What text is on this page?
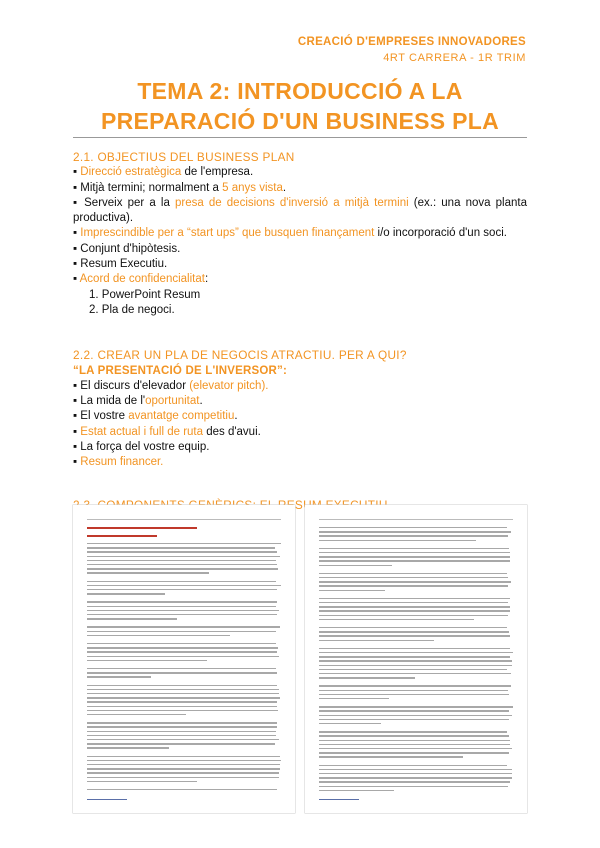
CREACIÓ D'EMPRESES INNOVADORES
4RT CARRERA - 1R TRIM
TEMA 2: INTRODUCCIÓ A LA
PREPARACIÓ D'UN BUSINESS PLA
2.1. OBJECTIUS DEL BUSINESS PLAN

▪ Direcció estratègica de l'empresa.

▪ Mitjà termini; normalment a 5 anys vista.

▪ Serveix per a la presa de decisions d'inversió a mitjà termini (ex.: una nova planta productiva).

▪ Imprescindible per a “start ups” que busquen finançament i/o incorporació d'un soci.

▪ Conjunt d'hipòtesis.

▪ Resum Executiu.

▪ Acord de confidencialitat:

1. PowerPoint Resum

2. Pla de negoci.

2.2. CREAR UN PLA DE NEGOCIS ATRACTIU. PER A QUI?
“LA PRESENTACIÓ DE L'INVERSOR”:

▪ El discurs d'elevador (elevator pitch).

▪ La mida de l'oportunitat.

▪ El vostre avantatge competitiu.

▪ Estat actual i full de ruta des d'avui.

▪ La força del vostre equip.

▪ Resum financer.

RESUM
